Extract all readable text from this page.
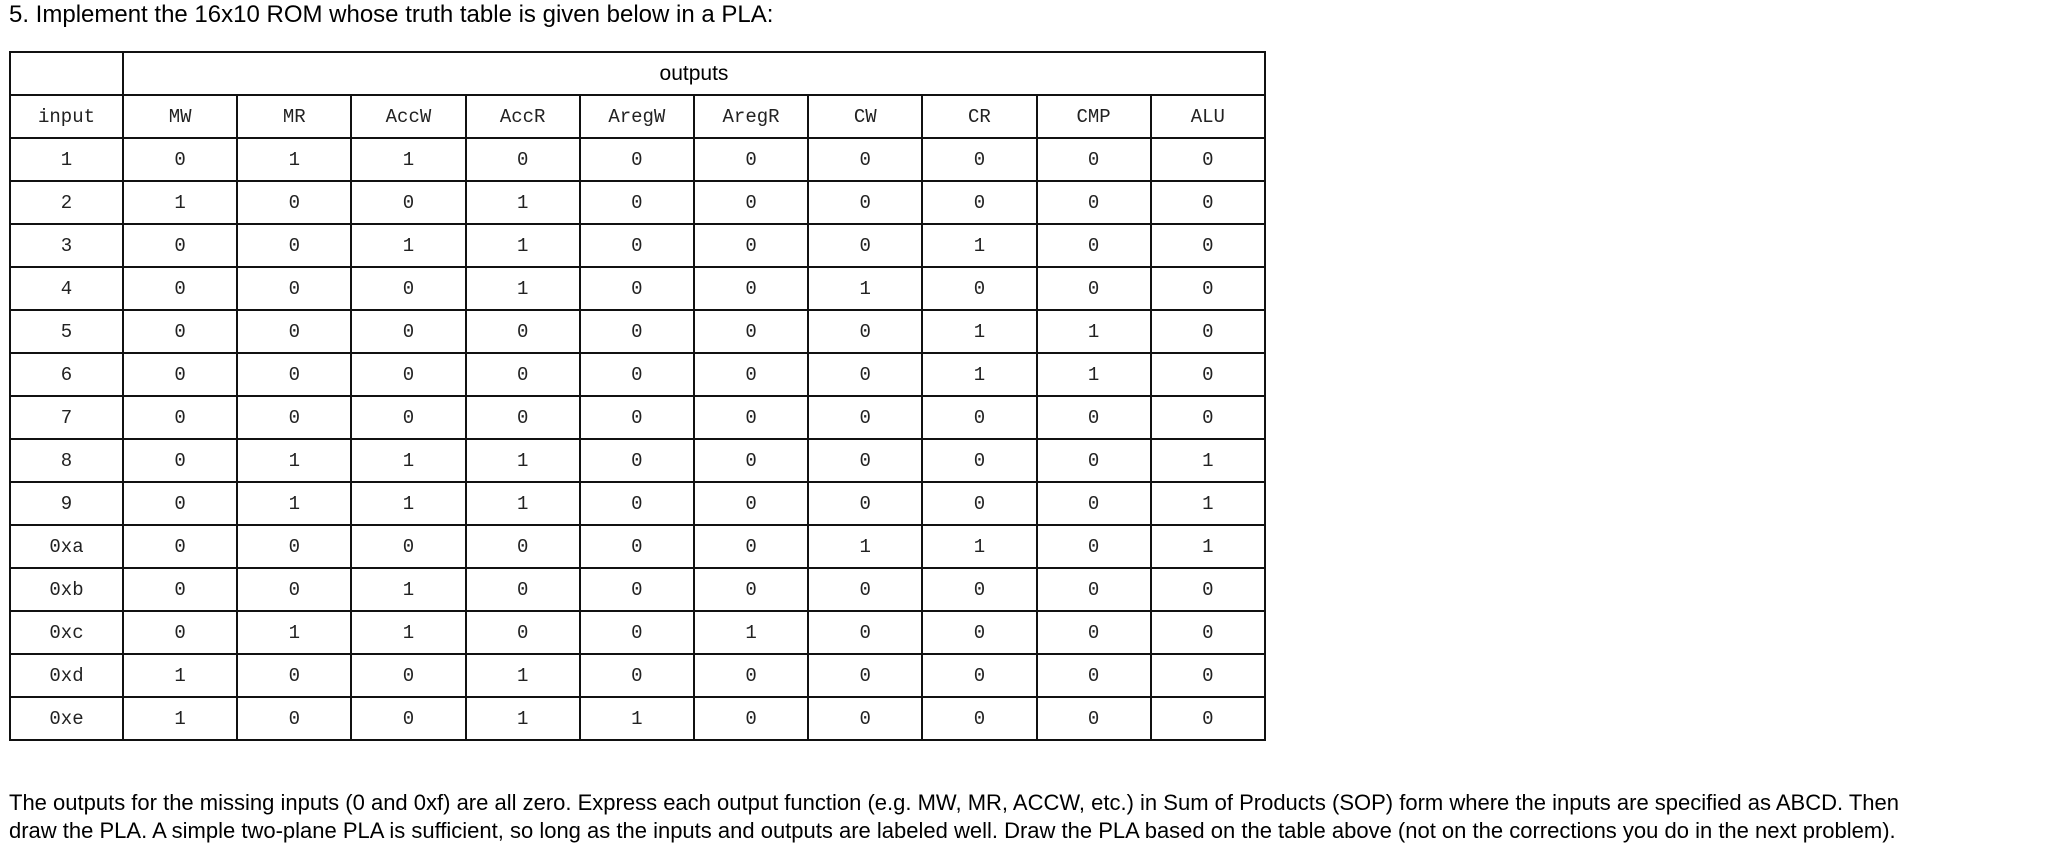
5. Implement the 16x10 ROM whose truth table is given below in a PLA:
	outputs									
input	MW	MR	AccW	AccR	AregW	AregR	CW	CR	CMP	ALU
1	0	1	1	0	0	0	0	0	0	0
2	1	0	0	1	0	0	0	0	0	0
3	0	0	1	1	0	0	0	1	0	0
4	0	0	0	1	0	0	1	0	0	0
5	0	0	0	0	0	0	0	1	1	0
6	0	0	0	0	0	0	0	1	1	0
7	0	0	0	0	0	0	0	0	0	0
8	0	1	1	1	0	0	0	0	0	1
9	0	1	1	1	0	0	0	0	0	1
0xa	0	0	0	0	0	0	1	1	0	1
0xb	0	0	1	0	0	0	0	0	0	0
0xc	0	1	1	0	0	1	0	0	0	0
0xd	1	0	0	1	0	0	0	0	0	0
0xe	1	0	0	1	1	0	0	0	0	0
The outputs for the missing inputs (0 and 0xf) are all zero. Express each output function (e.g. MW, MR, ACCW, etc.) in Sum of Products (SOP) form where the inputs are specified as ABCD. Then
draw the PLA. A simple two-plane PLA is sufficient, so long as the inputs and outputs are labeled well. Draw the PLA based on the table above (not on the corrections you do in the next problem).
